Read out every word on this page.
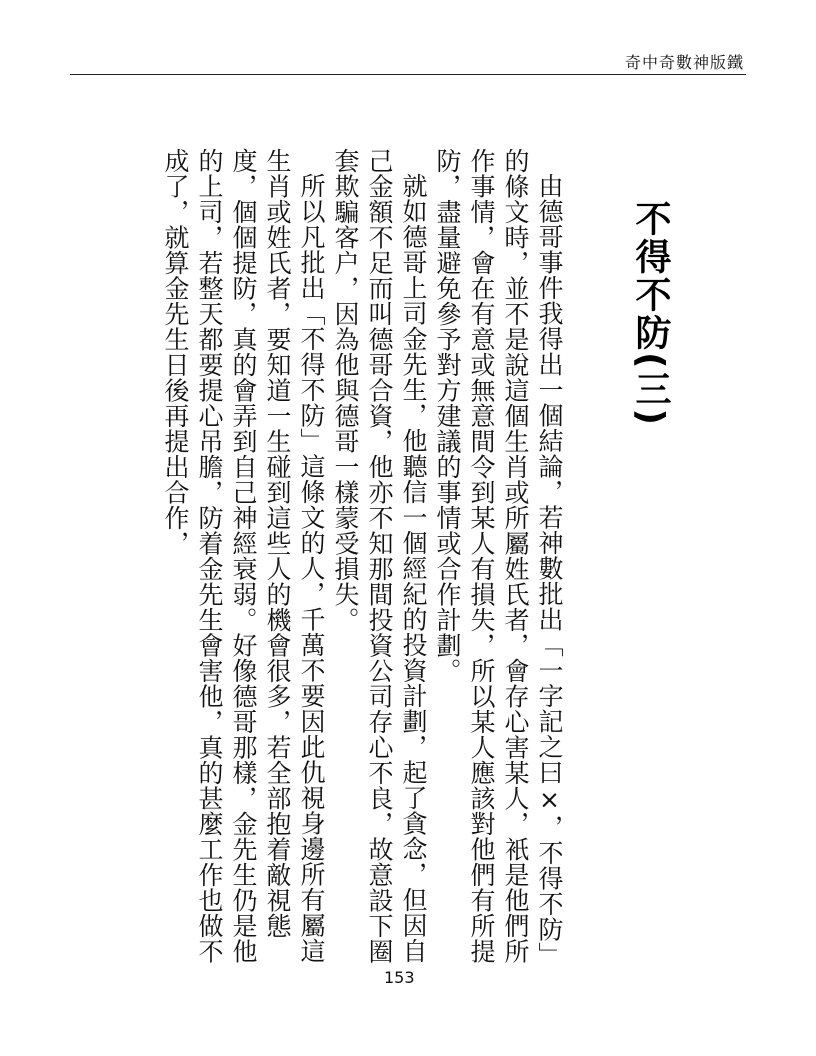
奇中奇數神版鐵
不得不防(三)

由德哥事件我得出一個結論，若神數批出「一字記之曰×，不得不防」的條文時，並不是說這個生肖或所屬姓氏者，會存心害某人，衹是他們所作事情，會在有意或無意間令到某人有損失，所以某人應該對他們有所提防，盡量避免參予對方建議的事情或合作計劃。

就如德哥上司金先生，他聽信一個經紀的投資計劃，起了貪念，但因自己金額不足而叫德哥合資，他亦不知那間投資公司存心不良，故意設下圈套欺騙客户，因為他與德哥一樣蒙受損失。

所以凡批出「不得不防」這條文的人，千萬不要因此仇視身邊所有屬這生肖或姓氏者，要知道一生碰到這些人的機會很多，若全部抱着敵視態度，個個提防，真的會弄到自己神經衰弱。好像德哥那樣，金先生仍是他的上司，若整天都要提心吊膽，防着金先生會害他，真的甚麼工作也做不成了，就算金先生日後再提出合作，

153
